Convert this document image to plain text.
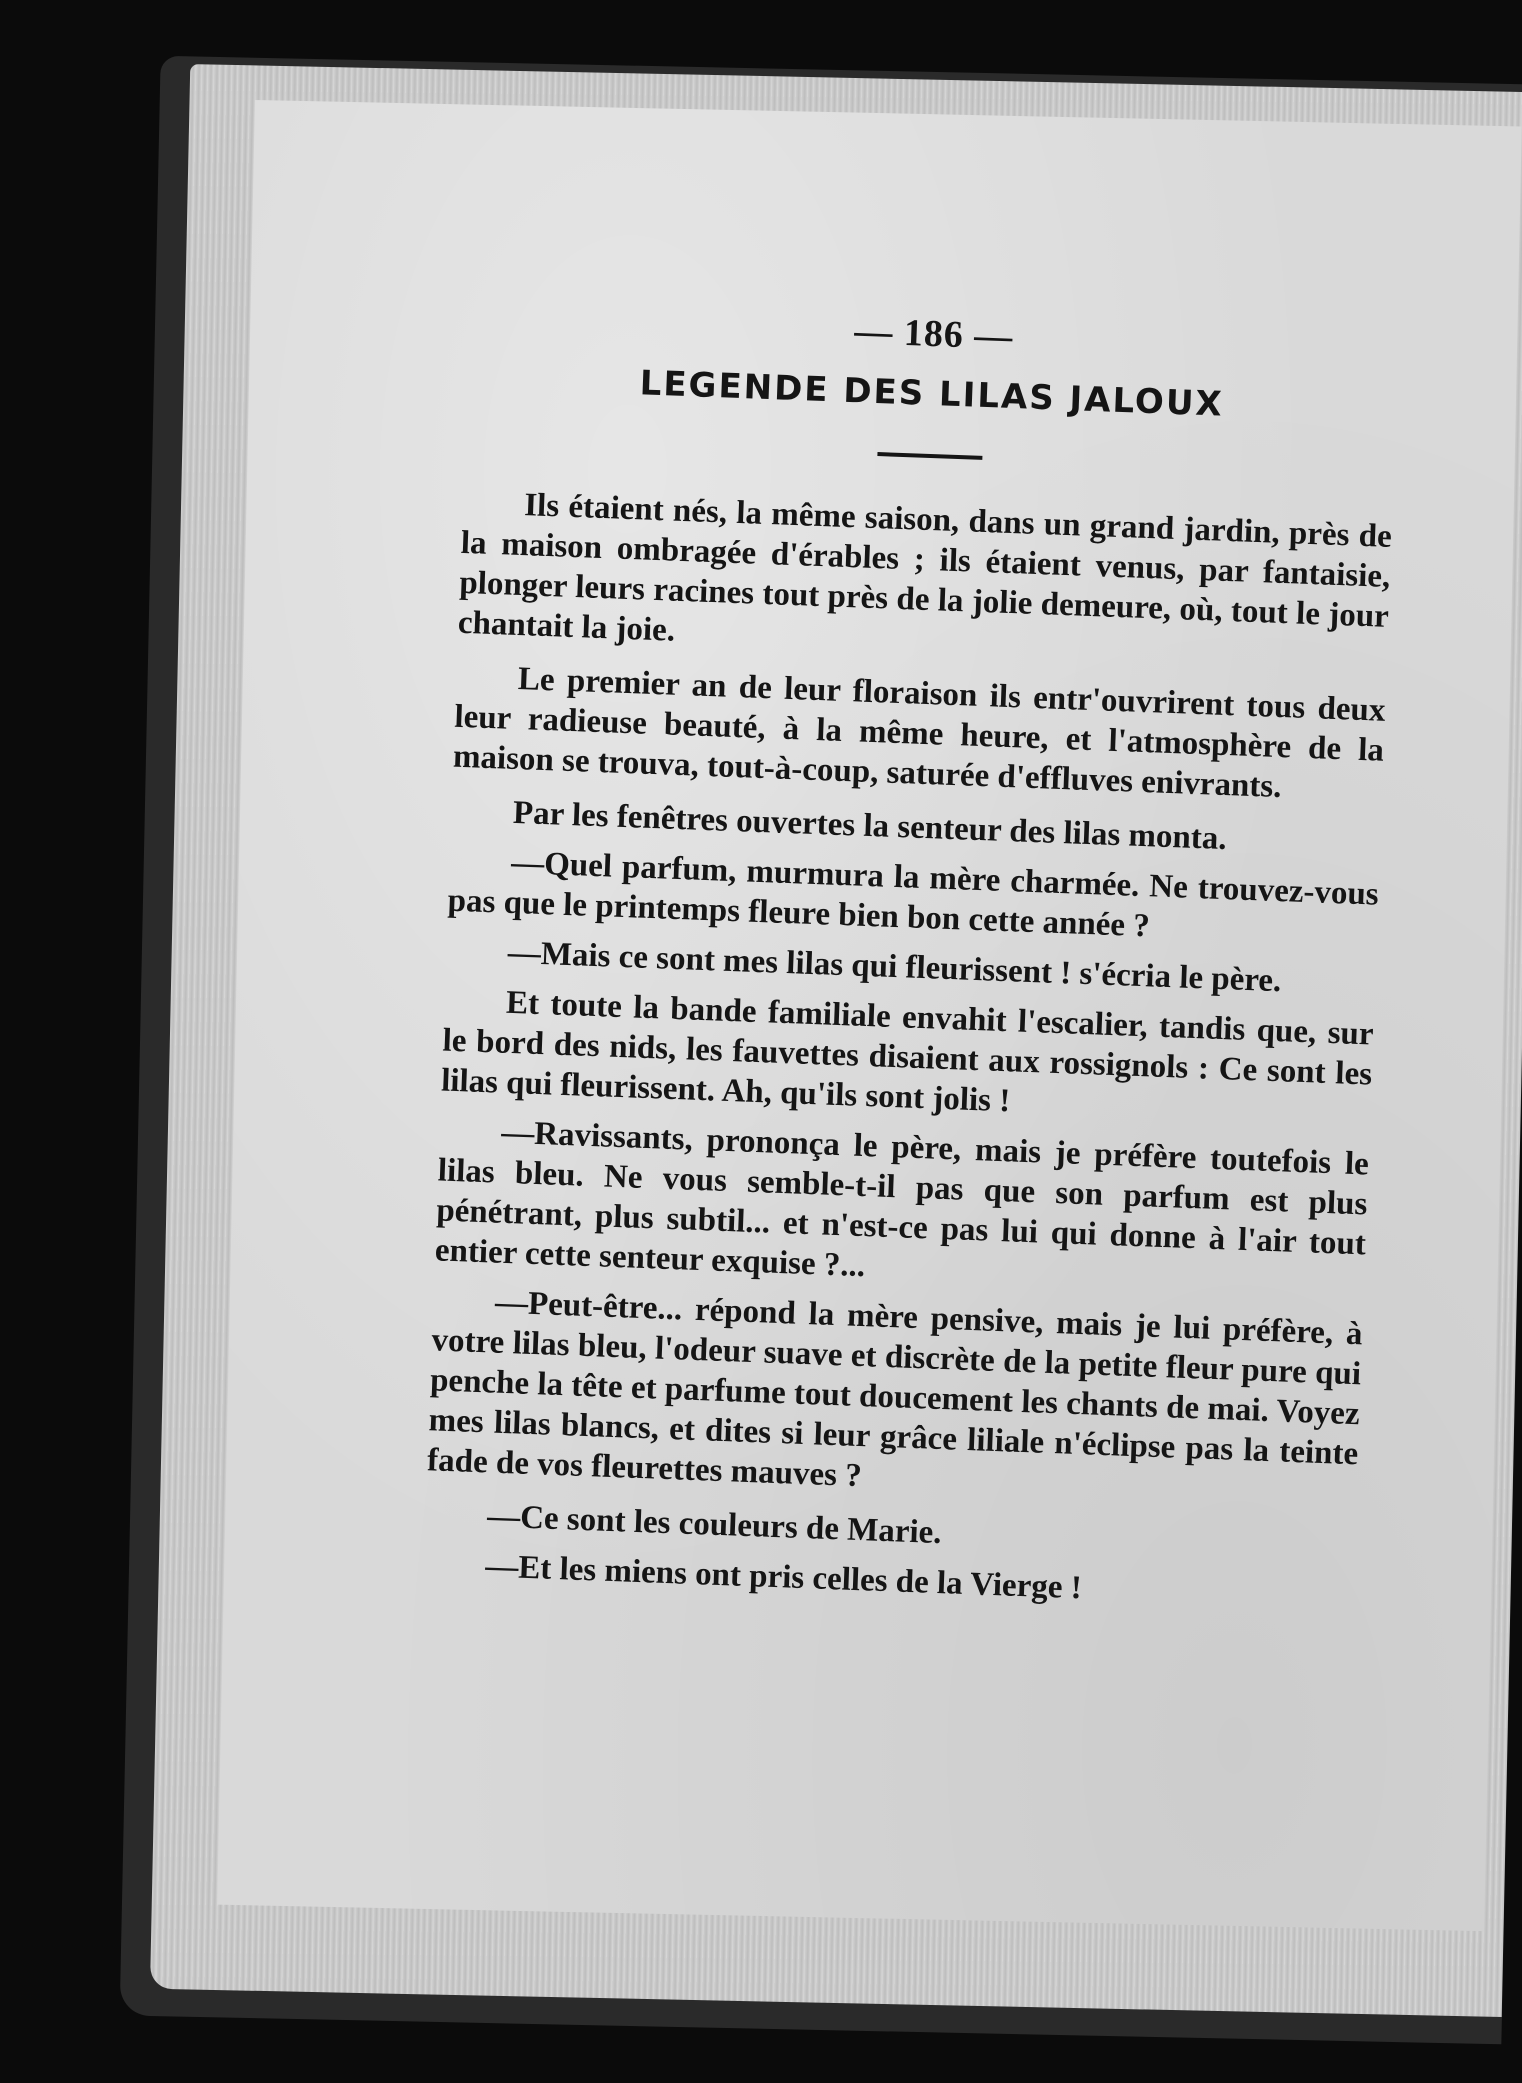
— 186 —
LEGENDE DES LILAS JALOUX

Ils étaient nés, la même saison, dans un grand jardin, près de la maison ombragée d'érables ; ils étaient venus, par fantaisie, plonger leurs racines tout près de la jolie demeure, où, tout le jour chantait la joie.

Le premier an de leur floraison ils entr'ouvrirent tous deux leur radieuse beauté, à la même heure, et l'atmosphère de la maison se trouva, tout-à-coup, saturée d'effluves enivrants.

Par les fenêtres ouvertes la senteur des lilas monta.

—Quel parfum, murmura la mère charmée. Ne trouvez-vous pas que le printemps fleure bien bon cette année ?

—Mais ce sont mes lilas qui fleurissent ! s'écria le père.

Et toute la bande familiale envahit l'escalier, tandis que, sur le bord des nids, les fauvettes disaient aux rossignols : Ce sont les lilas qui fleurissent. Ah, qu'ils sont jolis !

—Ravissants, prononça le père, mais je préfère toutefois le lilas bleu. Ne vous semble-t-il pas que son parfum est plus pénétrant, plus subtil... et n'est-ce pas lui qui donne à l'air tout entier cette senteur exquise ?...

—Peut-être... répond la mère pensive, mais je lui préfère, à votre lilas bleu, l'odeur suave et discrète de la petite fleur pure qui penche la tête et parfume tout doucement les chants de mai. Voyez mes lilas blancs, et dites si leur grâce liliale n'éclipse pas la teinte fade de vos fleurettes mauves ?

—Ce sont les couleurs de Marie.

—Et les miens ont pris celles de la Vierge !
